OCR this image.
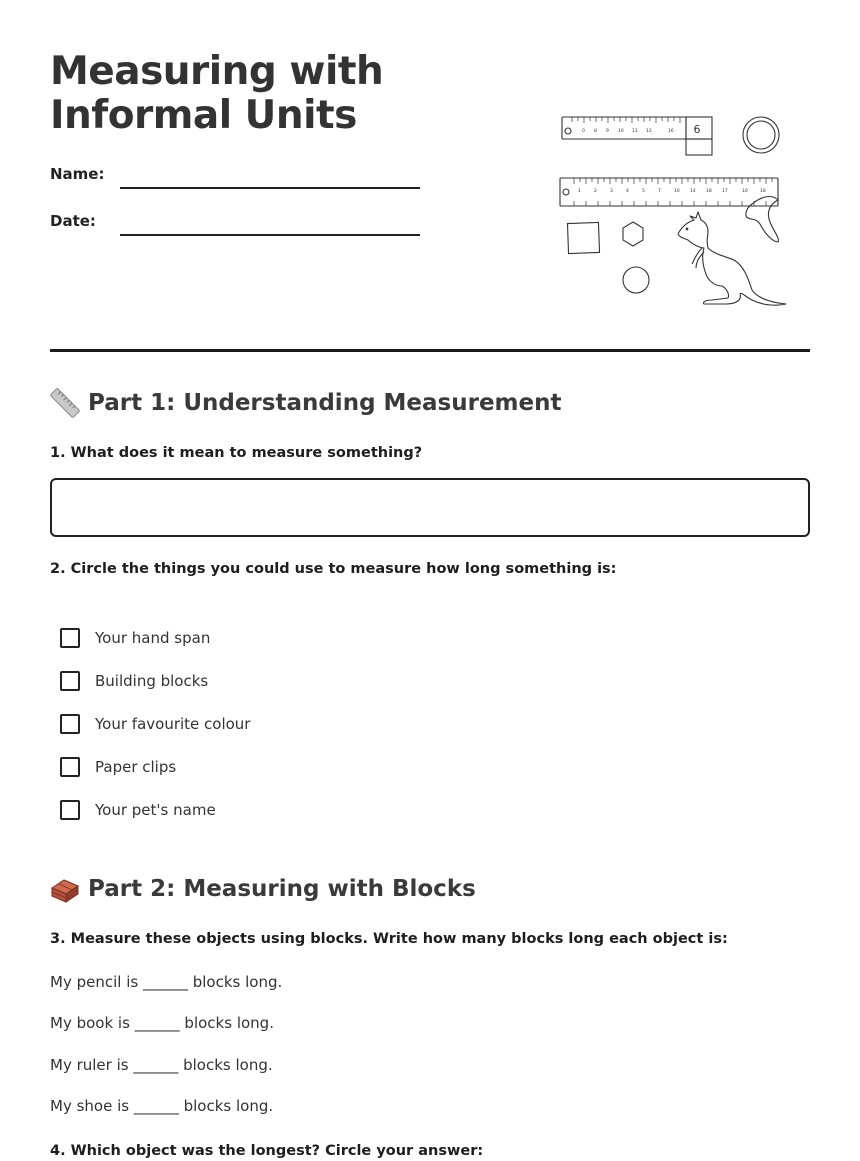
Measuring with
Informal Units
Name:
Date:
6
0 8 9 10 11 12	16
1	2	3	4	5	7	10 14 18 17	10	18
Part 1: Understanding Measurement
1. What does it mean to measure something?
2. Circle the things you could use to measure how long something is:
Your hand span
Building blocks
Your favourite colour
Paper clips
Your pet's name
Part 2: Measuring with Blocks
3. Measure these objects using blocks. Write how many blocks long each object is:
My pencil is ______ blocks long.
My book is ______ blocks long.
My ruler is ______ blocks long.
My shoe is ______ blocks long.
4. Which object was the longest? Circle your answer:
